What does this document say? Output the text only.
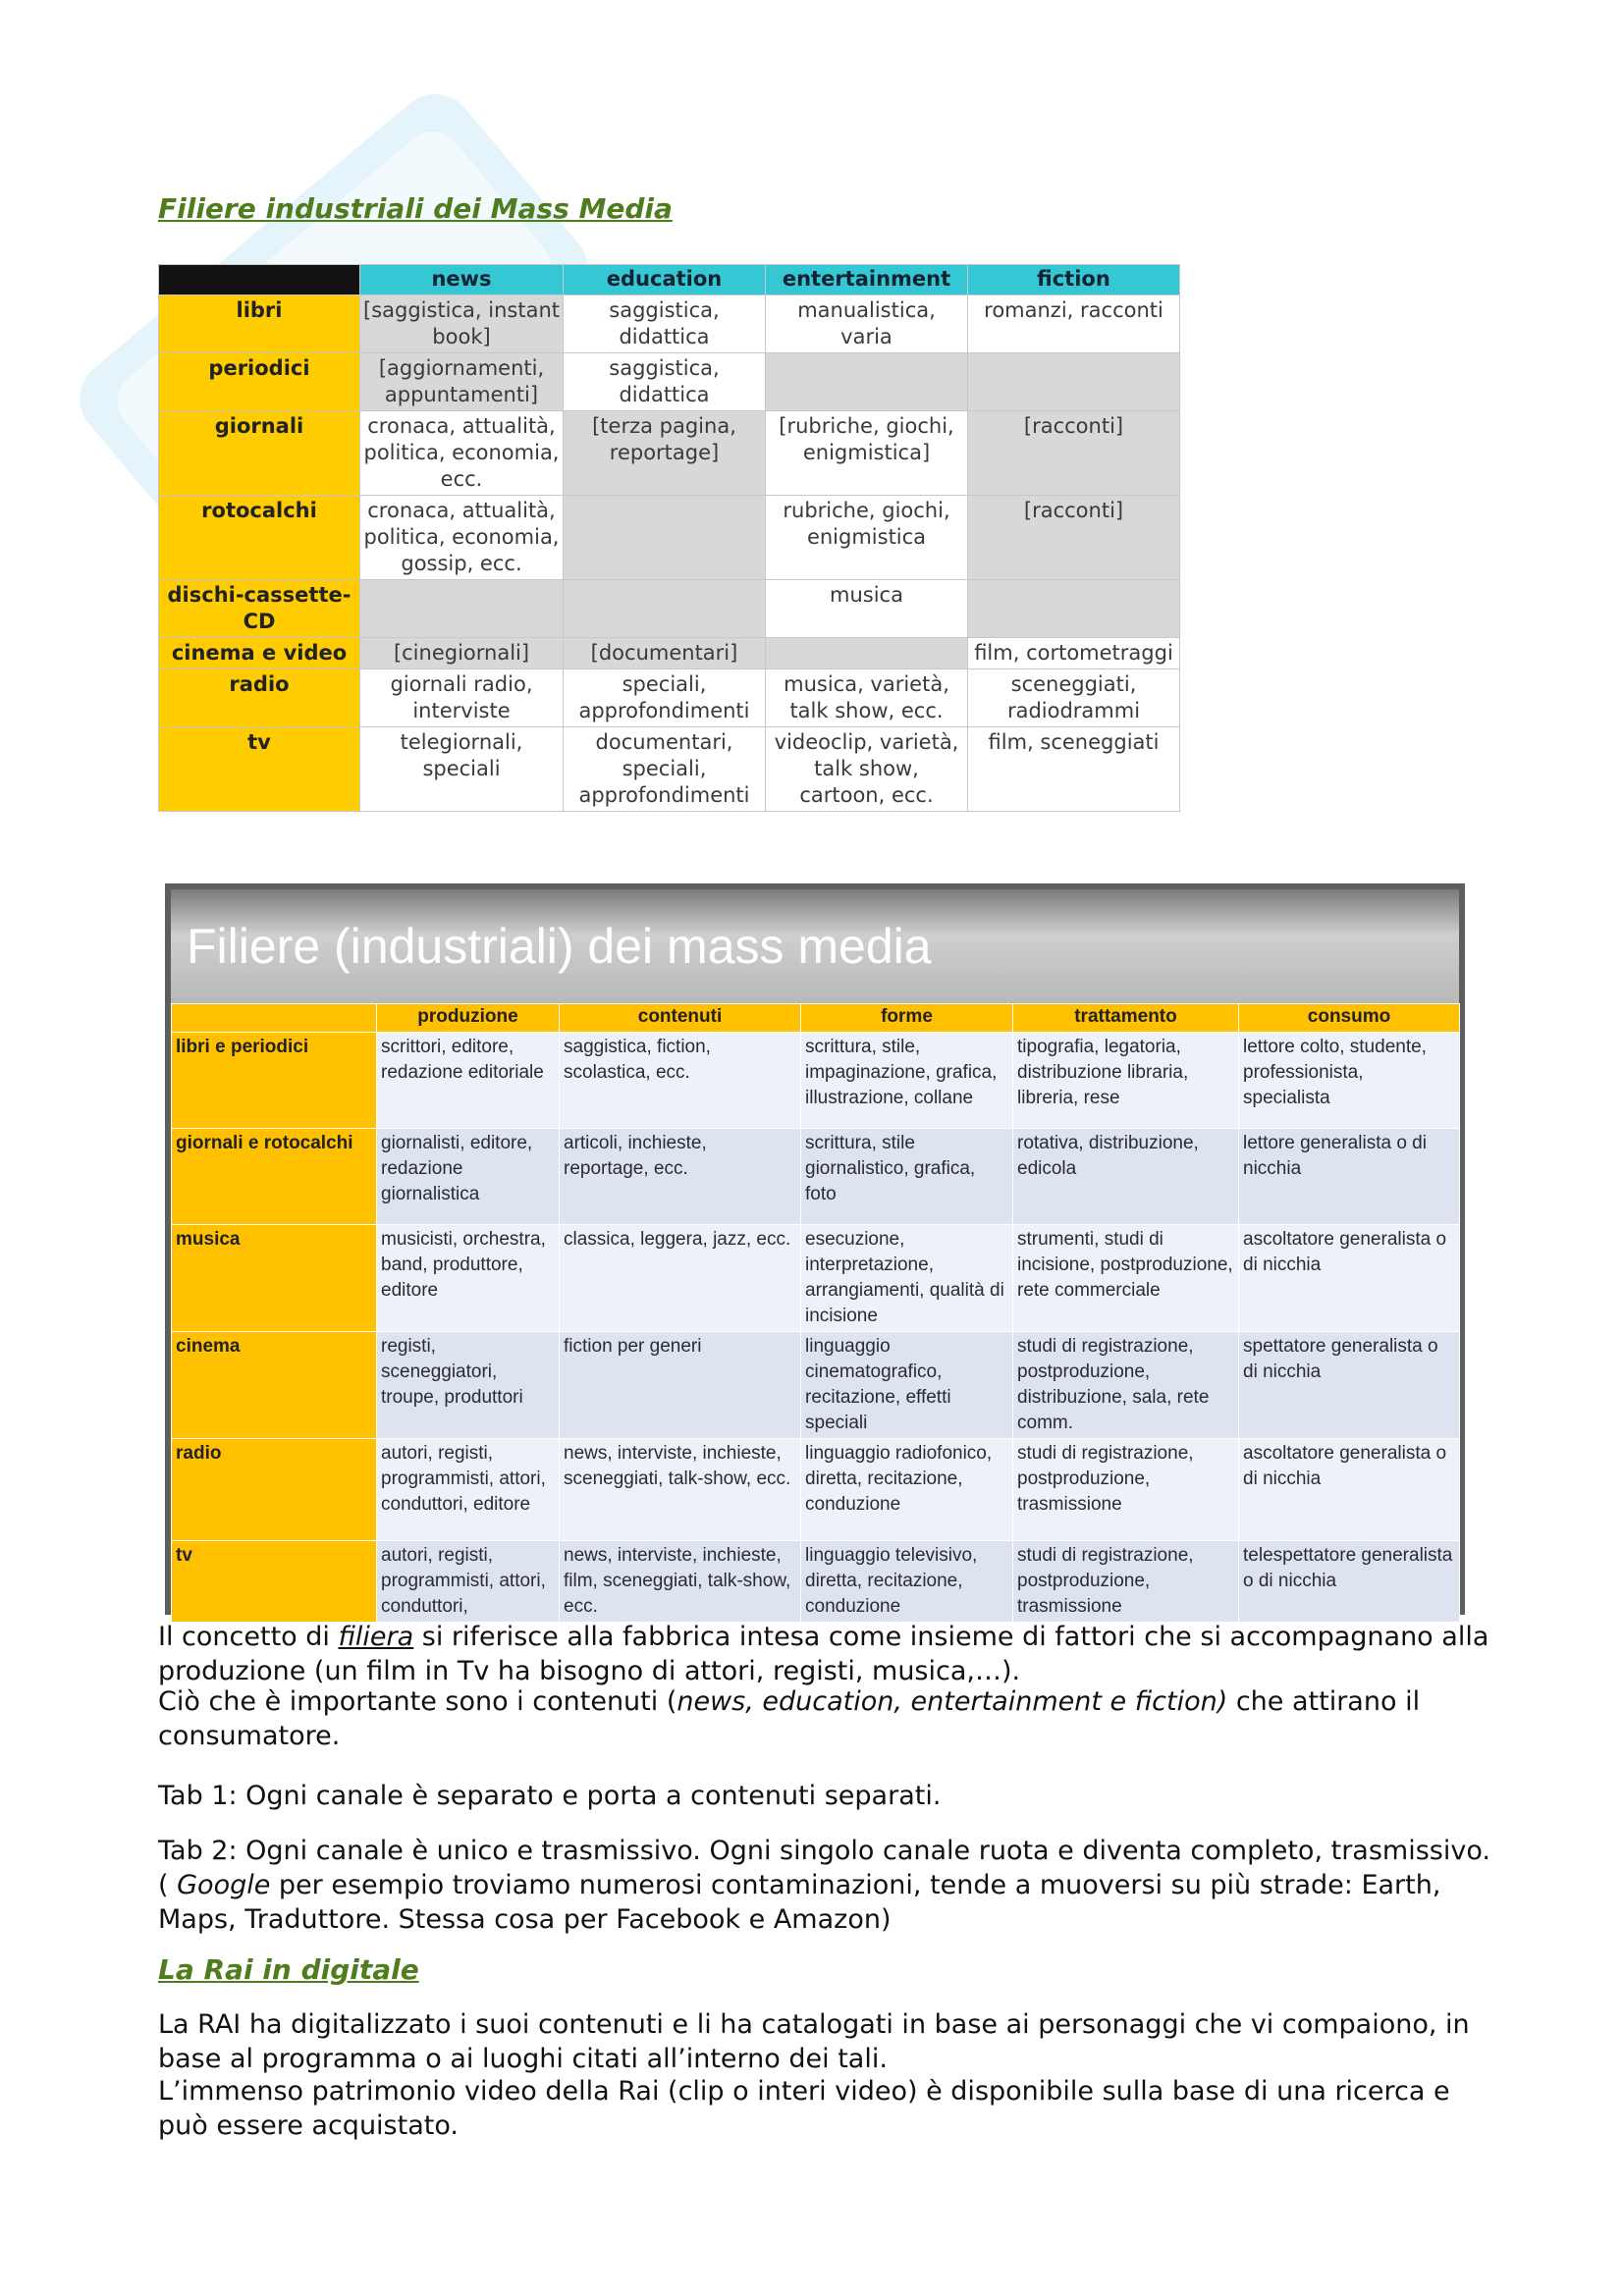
Filiere industriali dei Mass Media
	news	education	entertainment	fiction
libri	[saggistica, instant book]	saggistica, didattica	manualistica, varia	romanzi, racconti
periodici	[aggiornamenti, appuntamenti]	saggistica, didattica		
giornali	cronaca, attualità, politica, economia, ecc.	[terza pagina, reportage]	[rubriche, giochi, enigmistica]	[racconti]
rotocalchi	cronaca, attualità, politica, economia, gossip, ecc.		rubriche, giochi, enigmistica	[racconti]
dischi-cassette-CD			musica	
cinema e video	[cinegiornali]	[documentari]		film, cortometraggi
radio	giornali radio, interviste	speciali, approfondimenti	musica, varietà, talk show, ecc.	sceneggiati, radiodrammi
tv	telegiornali, speciali	documentari, speciali, approfondimenti	videoclip, varietà, talk show, cartoon, ecc.	film, sceneggiati
Filiere (industriali) dei mass media
	produzione	contenuti	forme	trattamento	consumo
libri e periodici	scrittori, editore, redazione editoriale	saggistica, fiction, scolastica, ecc.	scrittura, stile, impaginazione, grafica, illustrazione, collane	tipografia, legatoria, distribuzione libraria, libreria, rese	lettore colto, studente, professionista, specialista
giornali e rotocalchi	giornalisti, editore, redazione giornalistica	articoli, inchieste, reportage, ecc.	scrittura, stile giornalistico, grafica, foto	rotativa, distribuzione, edicola	lettore generalista o di nicchia
musica	musicisti, orchestra, band, produttore, editore	classica, leggera, jazz, ecc.	esecuzione, interpretazione, arrangiamenti, qualità di incisione	strumenti, studi di incisione, postproduzione, rete commerciale	ascoltatore generalista o di nicchia
cinema	registi, sceneggiatori, troupe, produttori	fiction per generi	linguaggio cinematografico, recitazione, effetti speciali	studi di registrazione, postproduzione, distribuzione, sala, rete comm.	spettatore generalista o di nicchia
radio	autori, registi, programmisti, attori, conduttori, editore	news, interviste, inchieste, sceneggiati, talk-show, ecc.	linguaggio radiofonico, diretta, recitazione, conduzione	studi di registrazione, postproduzione, trasmissione	ascoltatore generalista o di nicchia
tv	autori, registi, programmisti, attori, conduttori,	news, interviste, inchieste, film, sceneggiati, talk-show, ecc.	linguaggio televisivo, diretta, recitazione, conduzione	studi di registrazione, postproduzione, trasmissione	telespettatore generalista o di nicchia

Il concetto di filiera si riferisce alla fabbrica intesa come insieme di fattori che si accompagnano alla produzione (un film in Tv ha bisogno di attori, registi, musica,…).

Ciò che è importante sono i contenuti (news, education, entertainment e fiction) che attirano il consumatore.

Tab 1: Ogni canale è separato e porta a contenuti separati.

Tab 2: Ogni canale è unico e trasmissivo. Ogni singolo canale ruota e diventa completo, trasmissivo. ( Google per esempio troviamo numerosi contaminazioni, tende a muoversi su più strade: Earth, Maps, Traduttore. Stessa cosa per Facebook e Amazon)

La Rai in digitale

La RAI ha digitalizzato i suoi contenuti e li ha catalogati in base ai personaggi che vi compaiono, in base al programma o ai luoghi citati all’interno dei tali.

L’immenso patrimonio video della Rai (clip o interi video) è disponibile sulla base di una ricerca e può essere acquistato.
